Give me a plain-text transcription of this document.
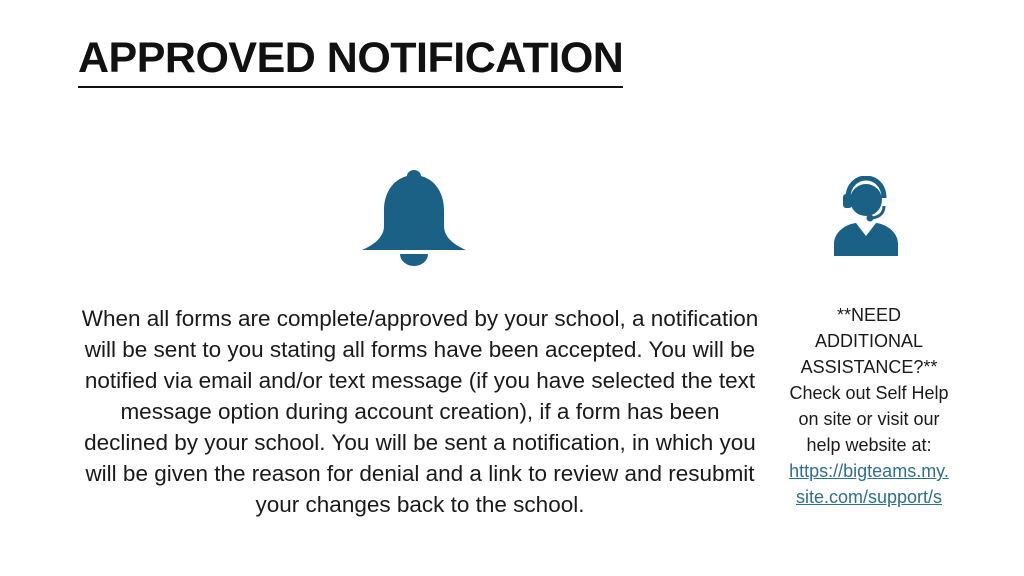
APPROVED NOTIFICATION

When all forms are complete/approved by your school, a notification will be sent to you stating all forms have been accepted. You will be notified via email and/or text message (if you have selected the text message option during account creation), if a form has been declined by your school. You will be sent a notification, in which you will be given the reason for denial and a link to review and resubmit your changes back to the school.

**NEED ADDITIONAL ASSISTANCE?**
Check out Self Help on site or visit our help website at:
https://bigteams.my.site.com/support/s
